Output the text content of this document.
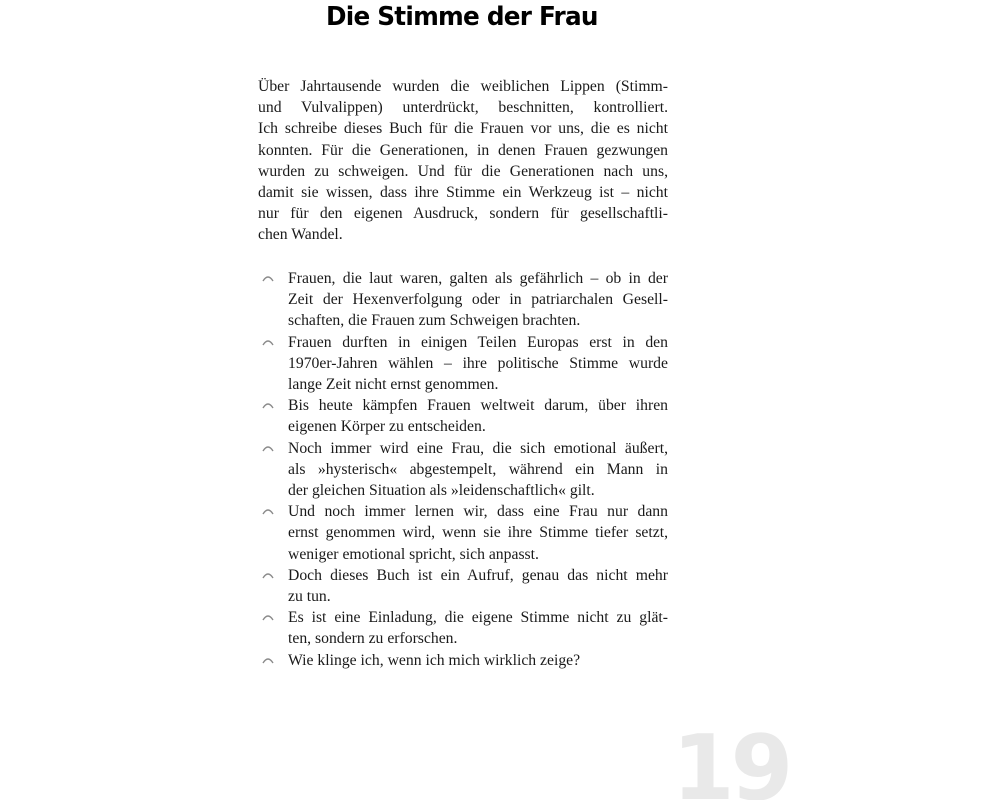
Die Stimme der Frau

Über Jahrtausende wurden die weiblichen Lippen (Stimm-
und Vulvalippen) unterdrückt, beschnitten, kontrolliert.
Ich schreibe dieses Buch für die Frauen vor uns, die es nicht
konnten. Für die Generationen, in denen Frauen gezwungen
wurden zu schweigen. Und für die Generationen nach uns,
damit sie wissen, dass ihre Stimme ein Werkzeug ist – nicht
nur für den eigenen Ausdruck, sondern für gesellschaftli-
chen Wandel.

Frauen, die laut waren, galten als gefährlich – ob in der
Zeit der Hexenverfolgung oder in patriarchalen Gesell-
schaften, die Frauen zum Schweigen brachten.
Frauen durften in einigen Teilen Europas erst in den
1970er-Jahren wählen – ihre politische Stimme wurde
lange Zeit nicht ernst genommen.
Bis heute kämpfen Frauen weltweit darum, über ihren
eigenen Körper zu entscheiden.
Noch immer wird eine Frau, die sich emotional äußert,
als »hysterisch« abgestempelt, während ein Mann in
der gleichen Situation als »leidenschaftlich« gilt.
Und noch immer lernen wir, dass eine Frau nur dann
ernst genommen wird, wenn sie ihre Stimme tiefer setzt,
weniger emotional spricht, sich anpasst.
Doch dieses Buch ist ein Aufruf, genau das nicht mehr
zu tun.
Es ist eine Einladung, die eigene Stimme nicht zu glät-
ten, sondern zu erforschen.
Wie klinge ich, wenn ich mich wirklich zeige?
19
